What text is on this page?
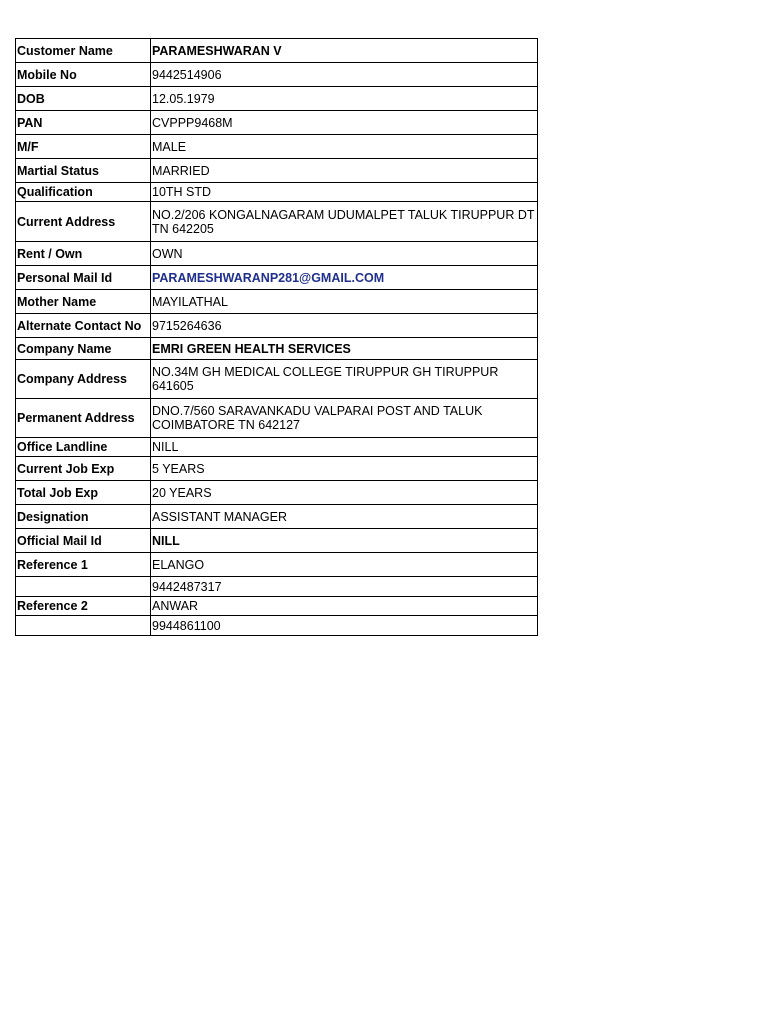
Customer Name	PARAMESHWARAN V
Mobile No	9442514906
DOB	12.05.1979
PAN	CVPPP9468M
M/F	MALE
Martial Status	MARRIED
Qualification	10TH STD
Current Address	NO.2/206 KONGALNAGARAM UDUMALPET TALUK TIRUPPUR DT TN 642205
Rent / Own	OWN
Personal Mail Id	PARAMESHWARANP281@GMAIL.COM
Mother Name	MAYILATHAL
Alternate Contact No	9715264636
Company Name	EMRI GREEN HEALTH SERVICES
Company Address	NO.34M GH MEDICAL COLLEGE TIRUPPUR GH TIRUPPUR 641605
Permanent Address	DNO.7/560 SARAVANKADU VALPARAI POST AND TALUK COIMBATORE TN 642127
Office Landline	NILL
Current Job Exp	5 YEARS
Total Job Exp	20 YEARS
Designation	ASSISTANT MANAGER
Official Mail Id	NILL
Reference 1	ELANGO
	9442487317
Reference 2	ANWAR
	9944861100
